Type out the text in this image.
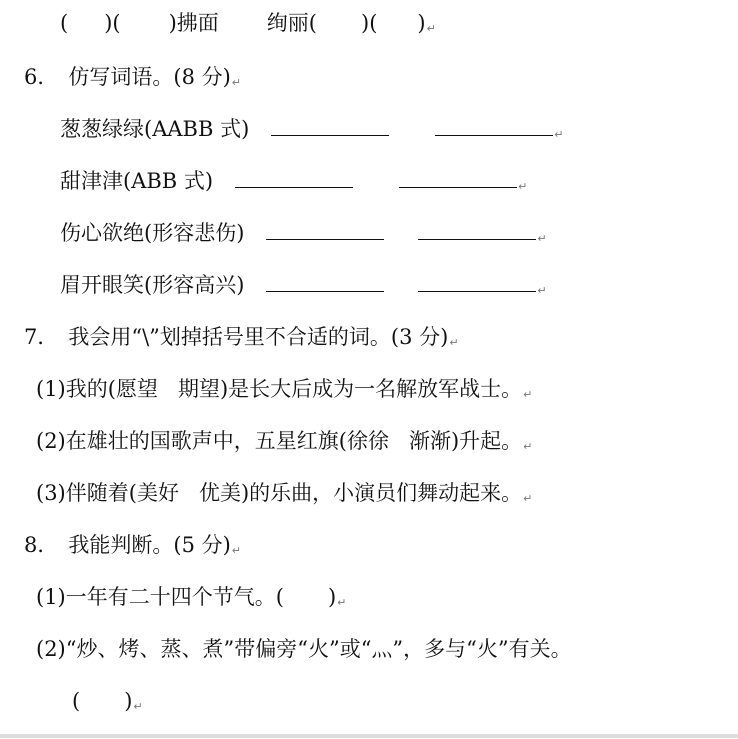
( )( )拂面 绚丽( )( )↵
6． 仿写词语。(8 分)↵
葱葱绿绿(AABB 式)	↵
甜津津(ABB 式)	↵
伤心欲绝(形容悲伤)	↵
眉开眼笑(形容高兴)	↵
7． 我会用“\”划掉括号里不合适的词。(3 分)↵
(1)我的(愿望 期望)是长大后成为一名解放军战士。↵
(2)在雄壮的国歌声中，五星红旗(徐徐 渐渐)升起。↵
(3)伴随着(美好 优美)的乐曲，小演员们舞动起来。↵
8． 我能判断。(5 分)↵
(1)一年有二十四个节气。( )↵
(2)“炒、烤、蒸、煮”带偏旁“火”或“灬”，多与“火”有关。
( )↵
